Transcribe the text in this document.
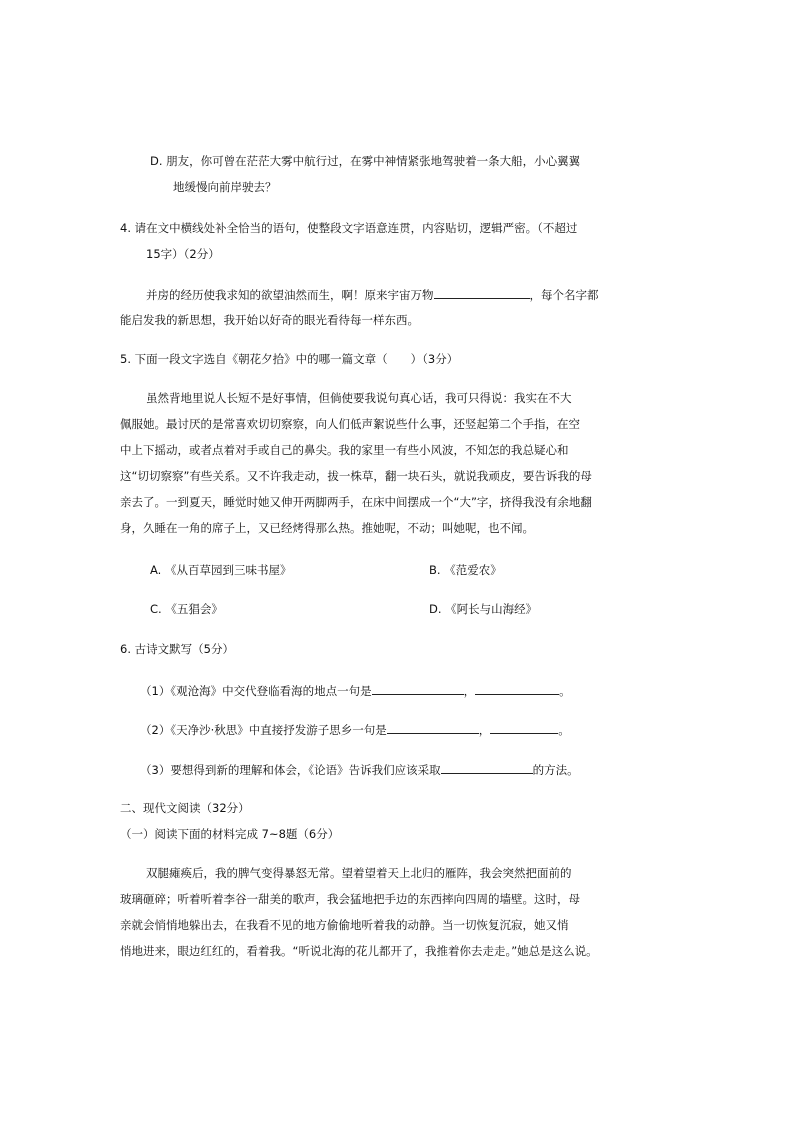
D. 朋友，你可曾在茫茫大雾中航行过，在雾中神情紧张地驾驶着一条大船，小心翼翼
地缓慢向前岸驶去？
4. 请在文中横线处补全恰当的语句，使整段文字语意连贯，内容贴切，逻辑严密。（不超过
15字）（2分）
并房的经历使我求知的欲望油然而生，啊！原来宇宙万物	，每个名字都
能启发我的新思想，我开始以好奇的眼光看待每一样东西。
5. 下面一段文字选自《朝花夕拾》中的哪一篇文章（　　）（3分）
虽然背地里说人长短不是好事情，但倘使要我说句真心话，我可只得说：我实在不大
佩服她。最讨厌的是常喜欢切切察察，向人们低声絮说些什么事，还竖起第二个手指，在空
中上下摇动，或者点着对手或自己的鼻尖。我的家里一有些小风波，不知怎的我总疑心和
这“切切察察”有些关系。又不许我走动，拔一株草，翻一块石头，就说我顽皮，要告诉我的母
亲去了。一到夏天，睡觉时她又伸开两脚两手，在床中间摆成一个“大”字，挤得我没有余地翻
身，久睡在一角的席子上，又已经烤得那么热。推她呢，不动；叫她呢，也不闻。
A. 《从百草园到三味书屋》	B. 《范爱农》
C. 《五猖会》	D. 《阿长与山海经》
6. 古诗文默写（5分）
（1）《观沧海》中交代登临看海的地点一句是	，	。
（2）《天净沙·秋思》中直接抒发游子思乡一句是	，	。
（3）要想得到新的理解和体会，《论语》告诉我们应该采取	的方法。
二、现代文阅读（32分）
（一）阅读下面的材料完成 7~8题（6分）
双腿瘫痪后，我的脾气变得暴怒无常。望着望着天上北归的雁阵，我会突然把面前的
玻璃砸碎；听着听着李谷一甜美的歌声，我会猛地把手边的东西摔向四周的墙壁。这时，母
亲就会悄悄地躲出去，在我看不见的地方偷偷地听着我的动静。当一切恢复沉寂，她又悄
悄地进来，眼边红红的，看着我。“听说北海的花儿都开了，我推着你去走走。”她总是这么说。
